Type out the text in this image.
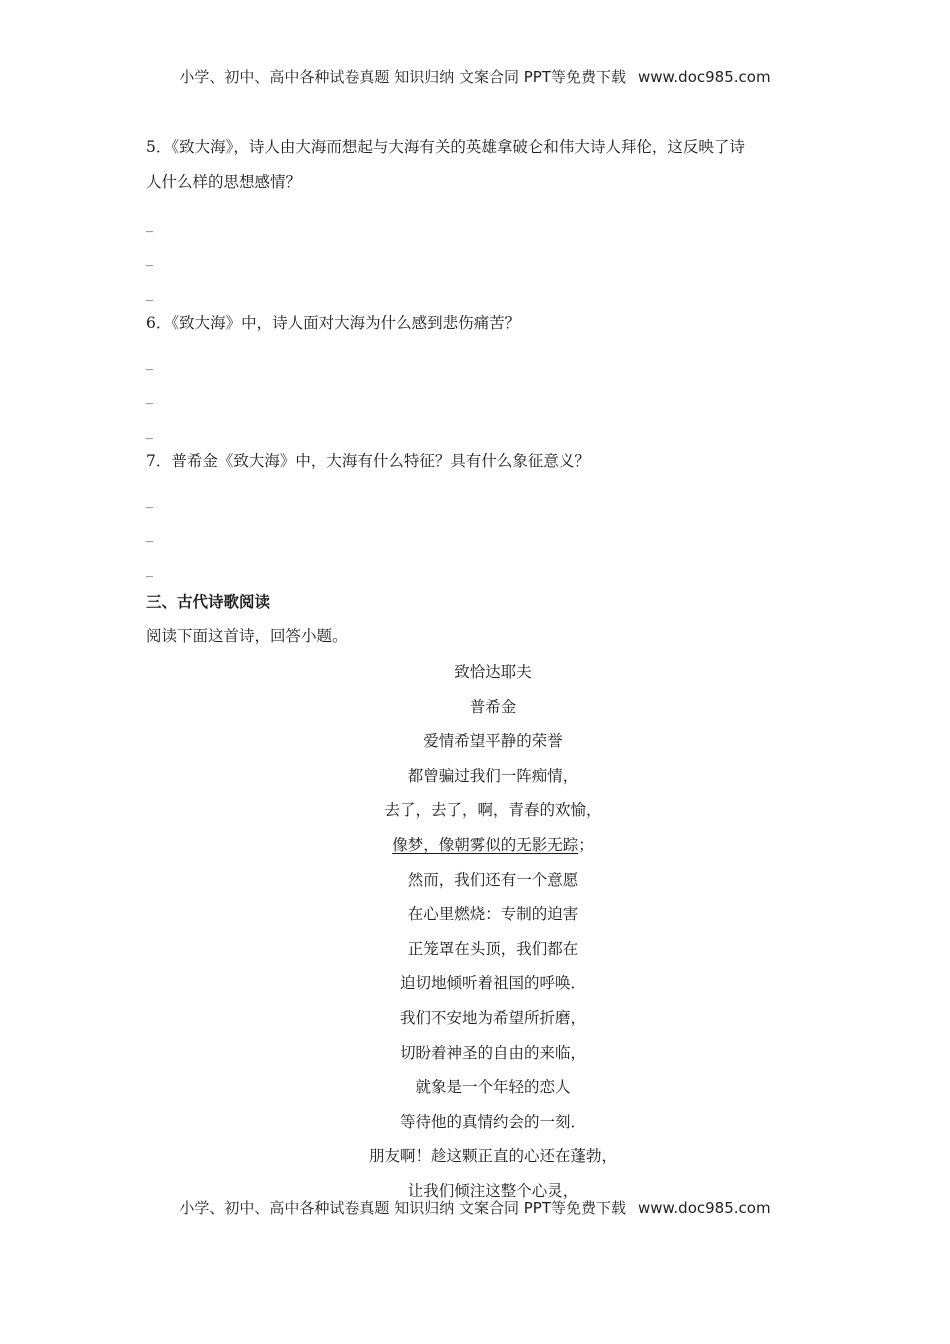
小学、初中、高中各种试卷真题 知识归纳 文案合同 PPT等免费下载 www.doc985.com
5．《致大海》，诗人由大海而想起与大海有关的英雄拿破仑和伟大诗人拜伦，这反映了诗
人什么样的思想感情？
_
_
_
6．《致大海》中，诗人面对大海为什么感到悲伤痛苦？
_
_
_
7．普希金《致大海》中，大海有什么特征？具有什么象征意义？
_
_
_
三、古代诗歌阅读
阅读下面这首诗，回答小题。
致恰达耶夫
普希金
爱情希望平静的荣誉
都曾骗过我们一阵痴情，
去了，去了，啊，青春的欢愉，
像梦，像朝雾似的无影无踪；
然而，我们还有一个意愿
在心里燃烧：专制的迫害
正笼罩在头顶，我们都在
迫切地倾听着祖国的呼唤．
我们不安地为希望所折磨，
切盼着神圣的自由的来临，
就象是一个年轻的恋人
等待他的真情约会的一刻．
朋友啊！趁这颗正直的心还在蓬勃，
让我们倾注这整个心灵，
小学、初中、高中各种试卷真题 知识归纳 文案合同 PPT等免费下载 www.doc985.com
